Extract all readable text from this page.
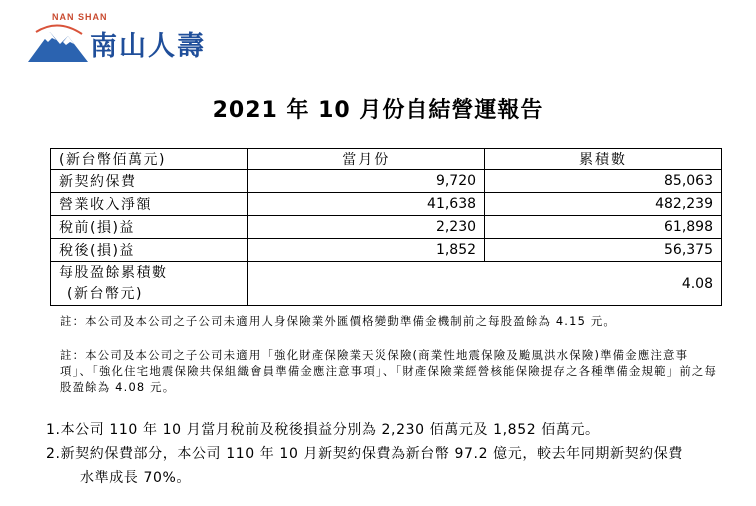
NAN SHAN
南山人壽
2021 年 10 月份自結營運報告
(新台幣佰萬元)	當月份	累積數
新契約保費	9,720	85,063
營業收入淨額	41,638	482,239
稅前(損)益	2,230	61,898
稅後(損)益	1,852	56,375

每股盈餘累積數
(新台幣元)	4.08	
註：本公司及本公司之子公司未適用人身保險業外匯價格變動準備金機制前之每股盈餘為 4.15 元。
註：本公司及本公司之子公司未適用「強化財產保險業天災保險(商業性地震保險及颱風洪水保險)準備金應注意事項」、「強化住宅地震保險共保組織會員準備金應注意事項」、「財產保險業經營核能保險提存之各種準備金規範」前之每股盈餘為 4.08 元。
1.本公司 110 年 10 月當月稅前及稅後損益分別為 2,230 佰萬元及 1,852 佰萬元。
2.新契約保費部分，本公司 110 年 10 月新契約保費為新台幣 97.2 億元，較去年同期新契約保費
水準成長 70%。
